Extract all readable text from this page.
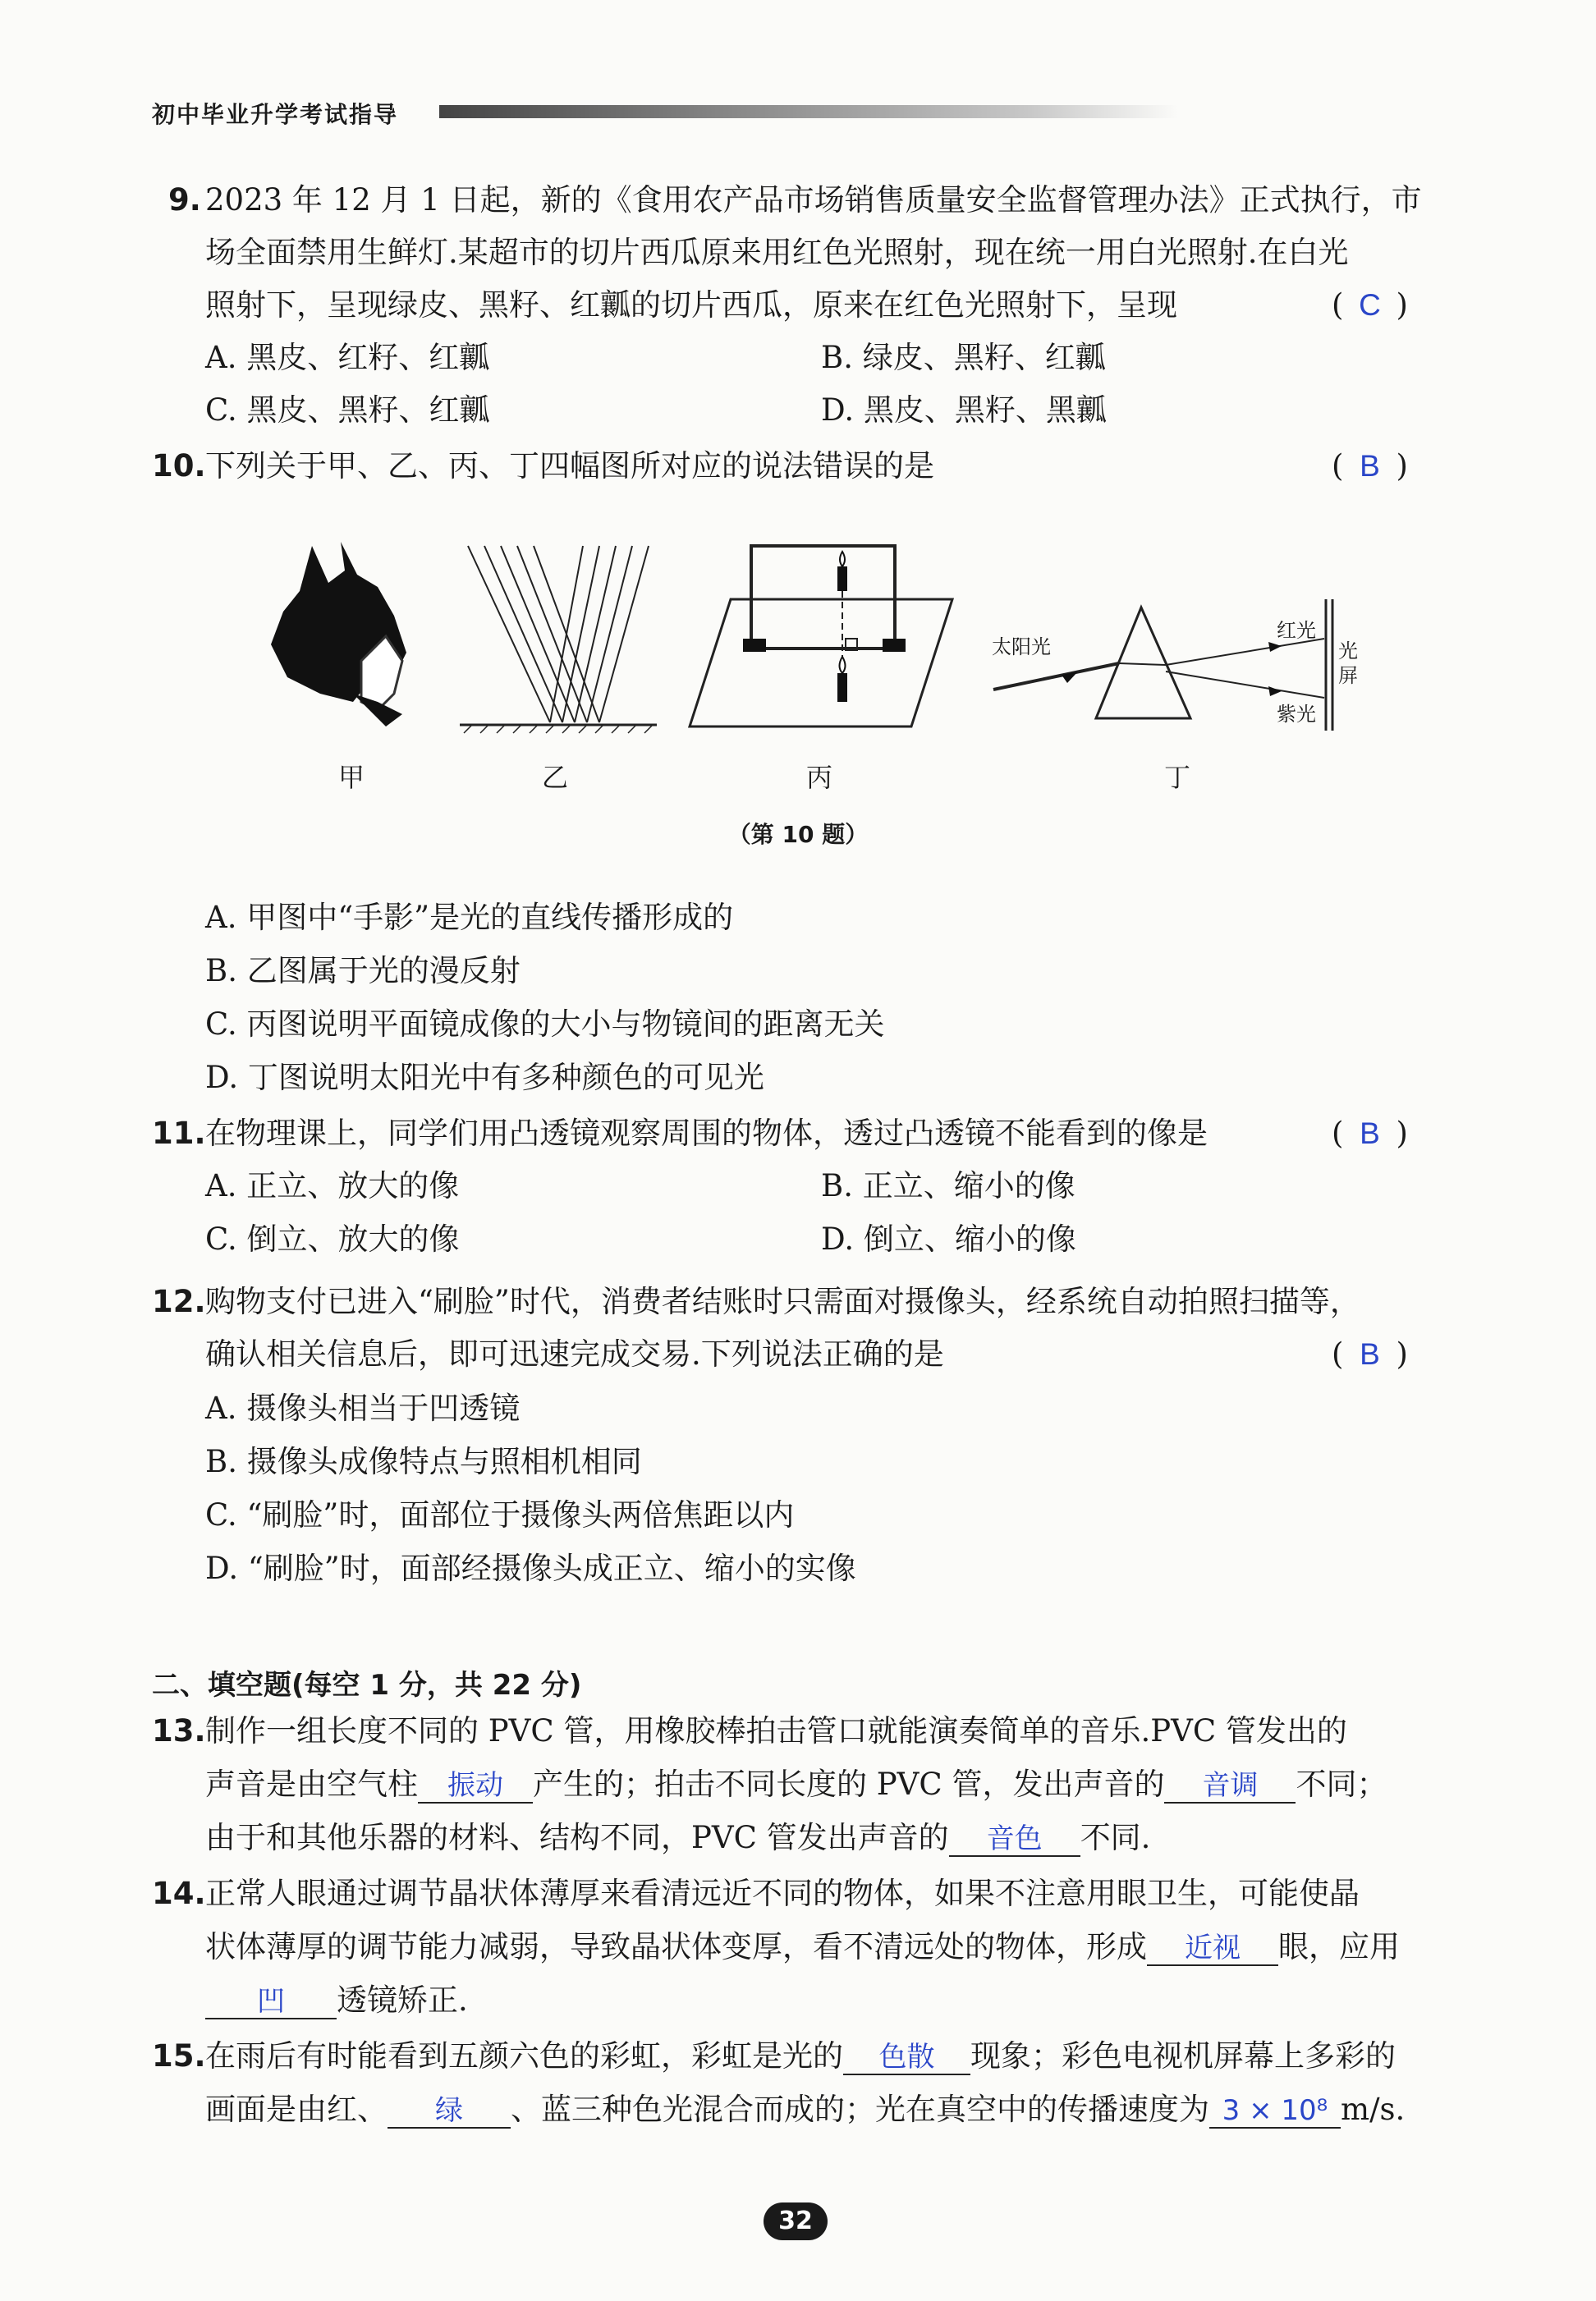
初中毕业升学考试指导
9. 2023 年 12 月 1 日起，新的《食用农产品市场销售质量安全监督管理办法》正式执行，市
场全面禁用生鲜灯.某超市的切片西瓜原来用红色光照射，现在统一用白光照射.在白光
照射下，呈现绿皮、黑籽、红瓤的切片西瓜，原来在红色光照射下，呈现	( C )
A. 黑皮、红籽、红瓤	B. 绿皮、黑籽、红瓤
C. 黑皮、黑籽、红瓤	D. 黑皮、黑籽、黑瓤
10. 下列关于甲、乙、丙、丁四幅图所对应的说法错误的是	( B )
太阳光
红光
紫光
光屏
甲	乙	丙	丁
（第 10 题）
A. 甲图中“手影”是光的直线传播形成的
B. 乙图属于光的漫反射
C. 丙图说明平面镜成像的大小与物镜间的距离无关
D. 丁图说明太阳光中有多种颜色的可见光
11. 在物理课上，同学们用凸透镜观察周围的物体，透过凸透镜不能看到的像是	( B )
A. 正立、放大的像	B. 正立、缩小的像
C. 倒立、放大的像	D. 倒立、缩小的像
12. 购物支付已进入“刷脸”时代，消费者结账时只需面对摄像头，经系统自动拍照扫描等，
确认相关信息后，即可迅速完成交易.下列说法正确的是	( B )
A. 摄像头相当于凹透镜
B. 摄像头成像特点与照相机相同
C. “刷脸”时，面部位于摄像头两倍焦距以内
D. “刷脸”时，面部经摄像头成正立、缩小的实像
二、填空题(每空 1 分，共 22 分)
13. 制作一组长度不同的 PVC 管，用橡胶棒拍击管口就能演奏简单的音乐.PVC 管发出的
声音是由空气柱 振动 产生的；拍击不同长度的 PVC 管，发出声音的 音调 不同；
由于和其他乐器的材料、结构不同，PVC 管发出声音的 音色 不同.
14. 正常人眼通过调节晶状体薄厚来看清远近不同的物体，如果不注意用眼卫生，可能使晶
状体薄厚的调节能力减弱，导致晶状体变厚，看不清远处的物体，形成 近视 眼，应用
凹 透镜矫正.
15. 在雨后有时能看到五颜六色的彩虹，彩虹是光的 色散 现象；彩色电视机屏幕上多彩的
画面是由红、 绿 、蓝三种色光混合而成的；光在真空中的传播速度为 3 × 10⁸ m/s.
32
